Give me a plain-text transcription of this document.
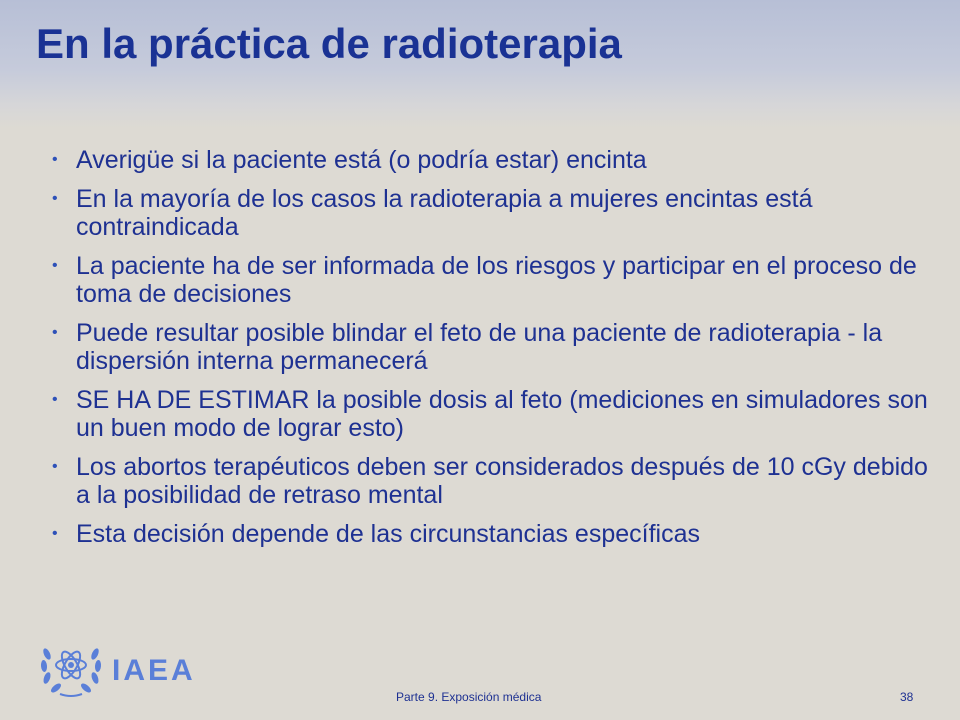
En la práctica de radioterapia
• Averigüe si la paciente está (o podría estar) encinta
• En la mayoría de los casos la radioterapia a mujeres encintas está contraindicada
• La paciente ha de ser informada de los riesgos y participar en el proceso de toma de decisiones
• Puede resultar posible blindar el feto de una paciente de radioterapia - la dispersión interna permanecerá
• SE HA DE ESTIMAR la posible dosis al feto (mediciones en simuladores son un buen modo de lograr esto)
• Los abortos terapéuticos deben ser considerados después de 10 cGy debido a la posibilidad de retraso mental
• Esta decisión depende de las circunstancias específicas
IAEA
Parte 9. Exposición médica	38
